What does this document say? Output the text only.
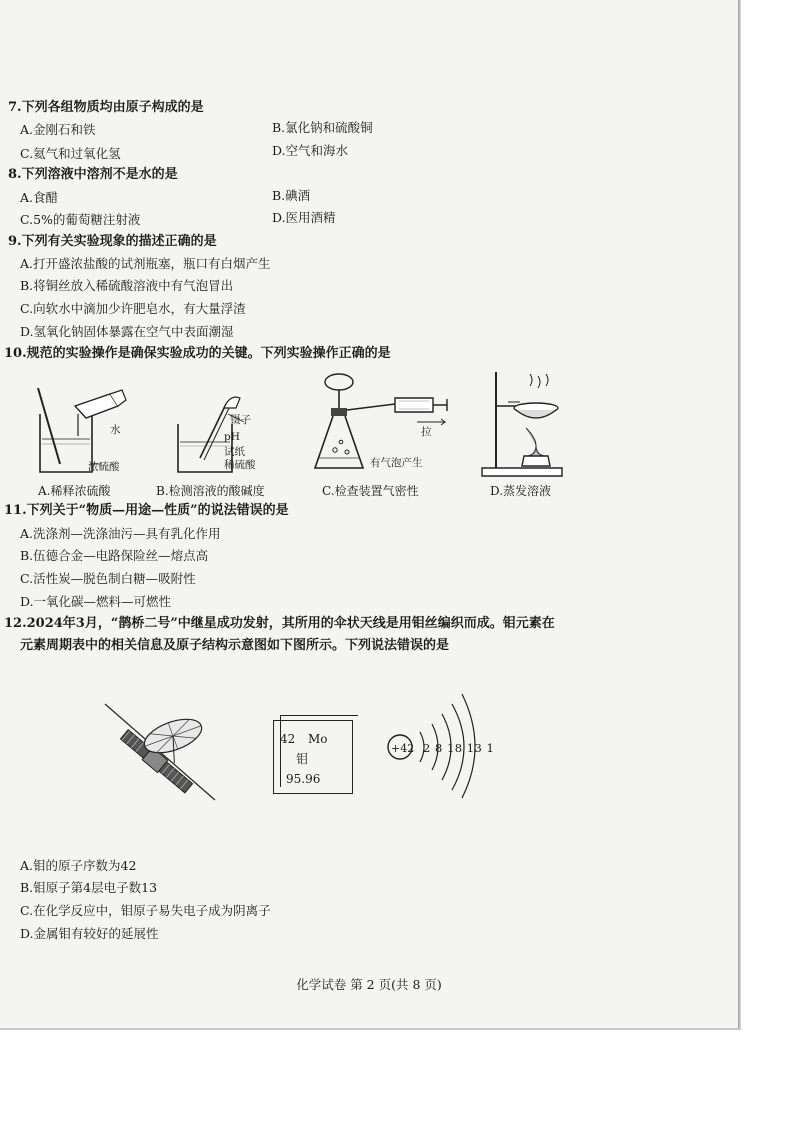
7.下列各组物质均由原子构成的是
A.金刚石和铁	B.氯化钠和硫酸铜
C.氦气和过氧化氢	D.空气和海水
8.下列溶液中溶剂不是水的是
A.食醋	B.碘酒
C.5%的葡萄糖注射液	D.医用酒精
9.下列有关实验现象的描述正确的是
A.打开盛浓盐酸的试剂瓶塞，瓶口有白烟产生
B.将铜丝放入稀硫酸溶液中有气泡冒出
C.向软水中滴加少许肥皂水，有大量浮渣
D.氢氧化钠固体暴露在空气中表面潮湿
10.规范的实验操作是确保实验成功的关键。下列实验操作正确的是
水
浓硫酸
A.稀释浓硫酸
镊子
pH
试纸
稀硫酸
B.检测溶液的酸碱度
拉
有气泡产生
C.检查装置气密性	D.蒸发溶液
11.下列关于“物质—用途—性质”的说法错误的是
A.洗涤剂—洗涤油污—具有乳化作用
B.伍德合金—电路保险丝—熔点高
C.活性炭—脱色制白糖—吸附性
D.一氧化碳—燃料—可燃性
12.2024年3月，“鹊桥二号”中继星成功发射，其所用的伞状天线是用钼丝编织而成。钼元素在
元素周期表中的相关信息及原子结构示意图如下图所示。下列说法错误的是
42 Mo
钼
95.96
+42 2 8 18 13 1
A.钼的原子序数为42
B.钼原子第4层电子数13
C.在化学反应中，钼原子易失电子成为阴离子
D.金属钼有较好的延展性
化学试卷 第 2 页(共 8 页)
